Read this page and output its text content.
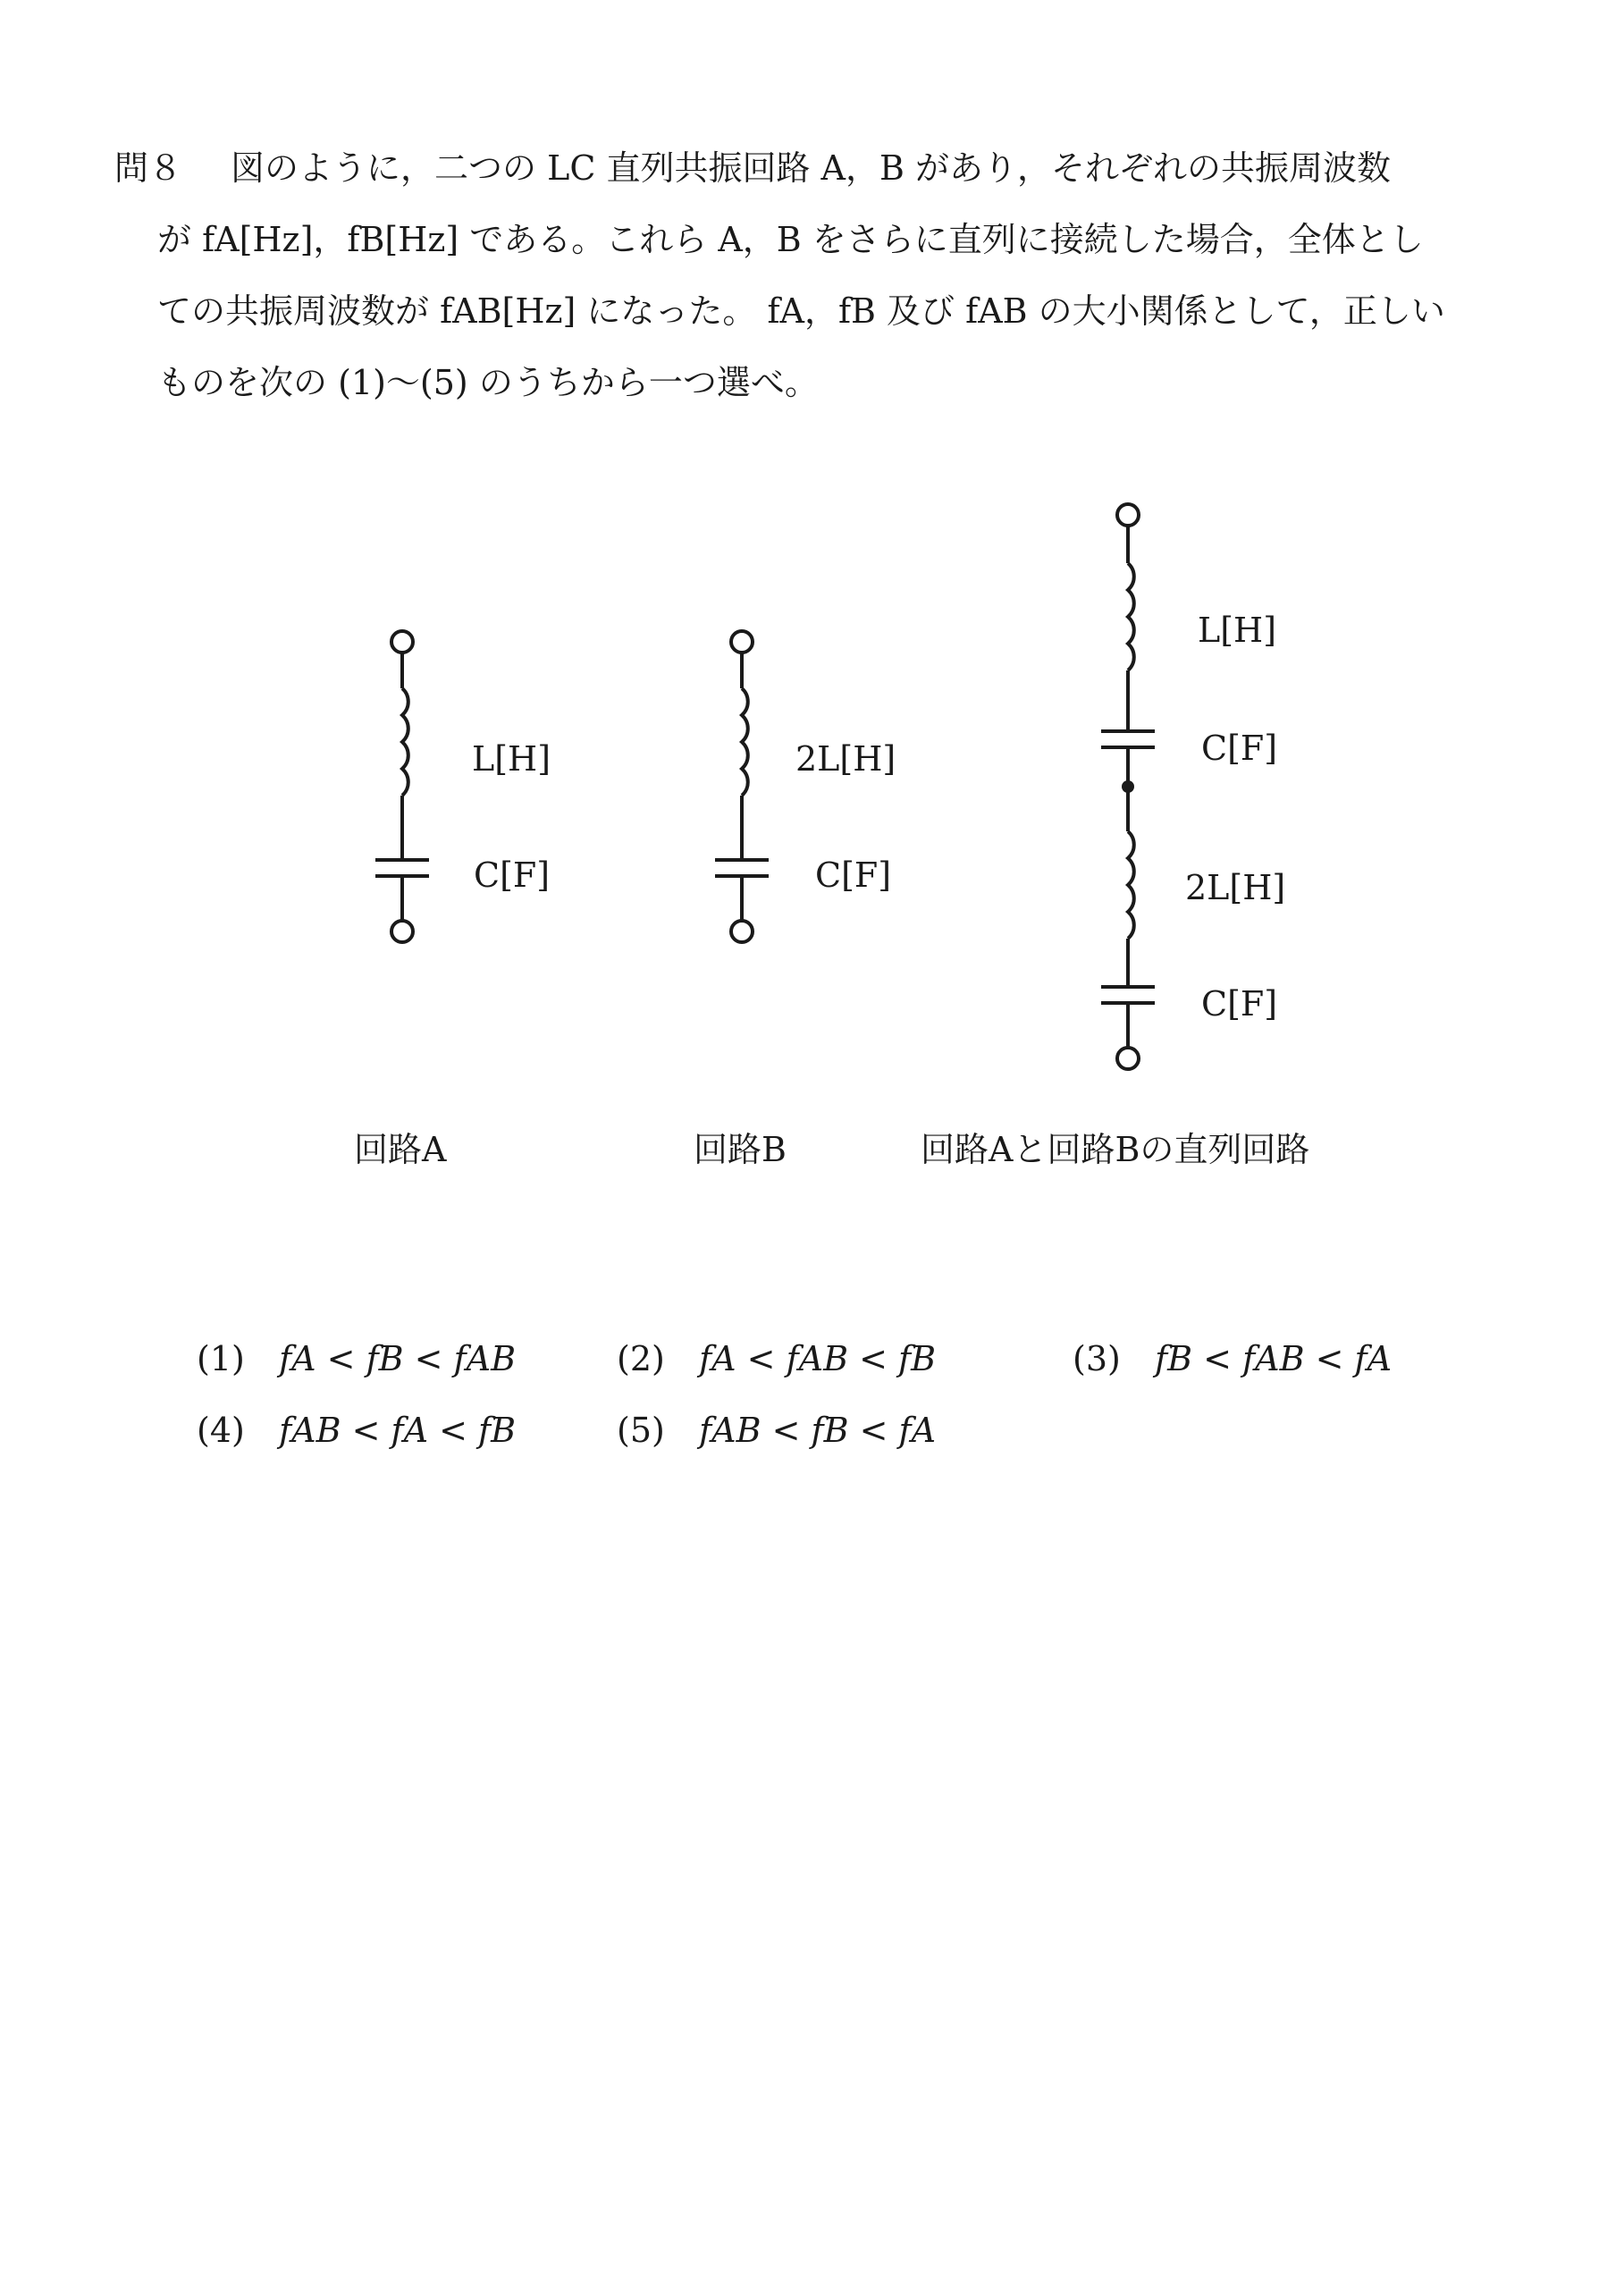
問８ 図のように，二つの LC 直列共振回路 A，B があり，それぞれの共振周波数
が fA[Hz]，fB[Hz] である。これら A，B をさらに直列に接続した場合，全体とし
ての共振周波数が fAB[Hz] になった。 fA，fB 及び fAB の大小関係として，正しい
ものを次の (1)～(5) のうちから一つ選べ。
L[H]
C[F]
2L[H]
C[F]
L[H]
C[F]
2L[H]
C[F]
回路A	回路B	回路Aと回路Bの直列回路
(1) fA < fB < fAB	(2) fA < fAB < fB	(3) fB < fAB < fA
(4) fAB < fA < fB	(5) fAB < fB < fA
